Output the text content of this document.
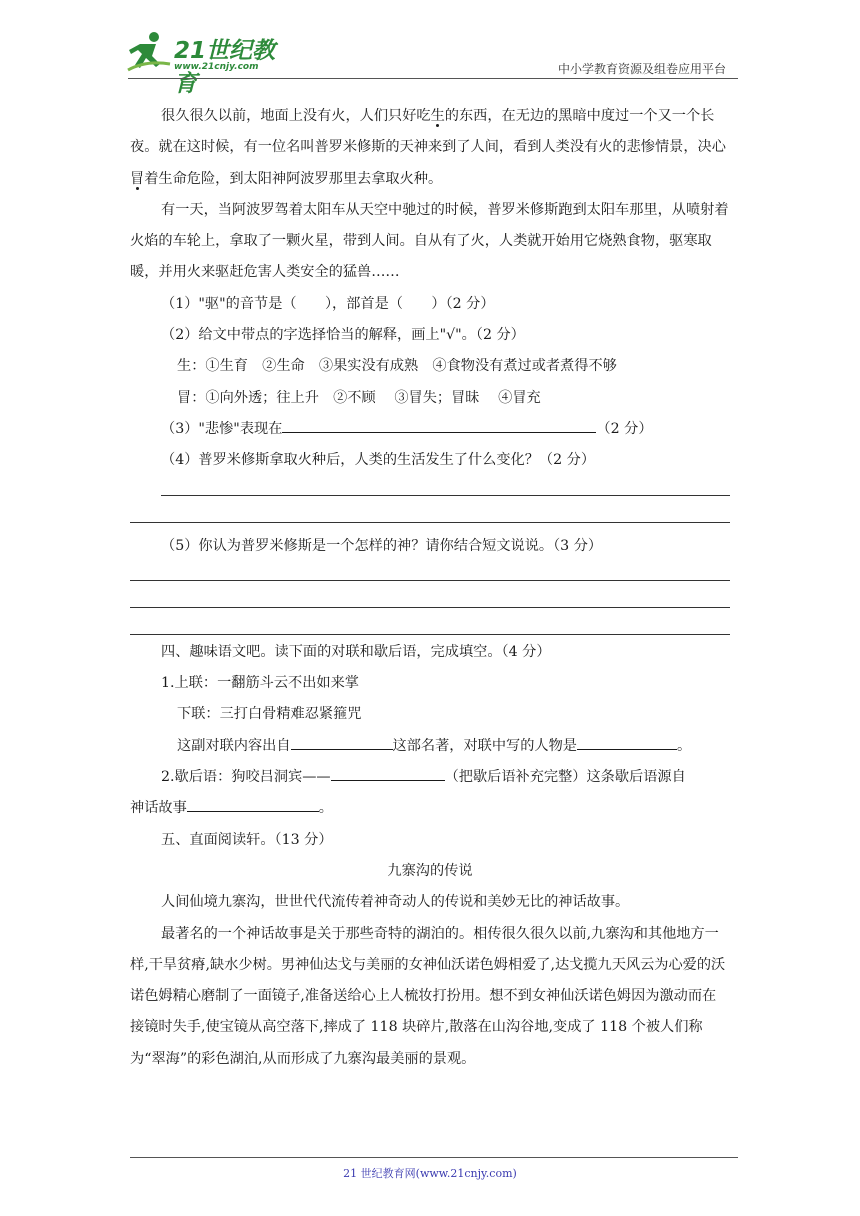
21世纪教育
www.21cnjy.com	中小学教育资源及组卷应用平台

很久很久以前，地面上没有火，人们只好吃生的东西，在无边的黑暗中度过一个又一个长夜。就在这时候，有一位名叫普罗米修斯的天神来到了人间，看到人类没有火的悲惨情景，决心冒着生命危险，到太阳神阿波罗那里去拿取火种。

有一天，当阿波罗驾着太阳车从天空中驰过的时候，普罗米修斯跑到太阳车那里，从喷射着火焰的车轮上，拿取了一颗火星，带到人间。自从有了火，人类就开始用它烧熟食物，驱寒取暖，并用火来驱赶危害人类安全的猛兽……

（1）"驱"的音节是（　　），部首是（　　）（2 分）

（2）给文中带点的字选择恰当的解释，画上"√"。（2 分）

生：①生育　②生命　③果实没有成熟　④食物没有煮过或者煮得不够

冒：①向外透；往上升　②不顾　 ③冒失；冒昧　 ④冒充

（3）"悲惨"表现在	（2 分）

（4）普罗米修斯拿取火种后，人类的生活发生了什么变化？（2 分）

（5）你认为普罗米修斯是一个怎样的神？请你结合短文说说。（3 分）

四、趣味语文吧。读下面的对联和歇后语，完成填空。（4 分）

1.上联：一翻筋斗云不出如来掌

下联：三打白骨精难忍紧箍咒

这副对联内容出自	这部名著，对联中写的人物是	。

2.歇后语：狗咬吕洞宾——	（把歇后语补充完整）这条歇后语源自

神话故事	。

五、直面阅读轩。（13 分）

九寨沟的传说

人间仙境九寨沟，世世代代流传着神奇动人的传说和美妙无比的神话故事。

最著名的一个神话故事是关于那些奇特的湖泊的。相传很久很久以前,九寨沟和其他地方一样,干旱贫瘠,缺水少树。男神仙达戈与美丽的女神仙沃诺色姆相爱了,达戈揽九天风云为心爱的沃诺色姆精心磨制了一面镜子,准备送给心上人梳妆打扮用。想不到女神仙沃诺色姆因为激动而在接镜时失手,使宝镜从高空落下,摔成了 118 块碎片,散落在山沟谷地,变成了 118 个被人们称为“翠海”的彩色湖泊,从而形成了九寨沟最美丽的景观。

21 世纪教育网(www.21cnjy.com)
